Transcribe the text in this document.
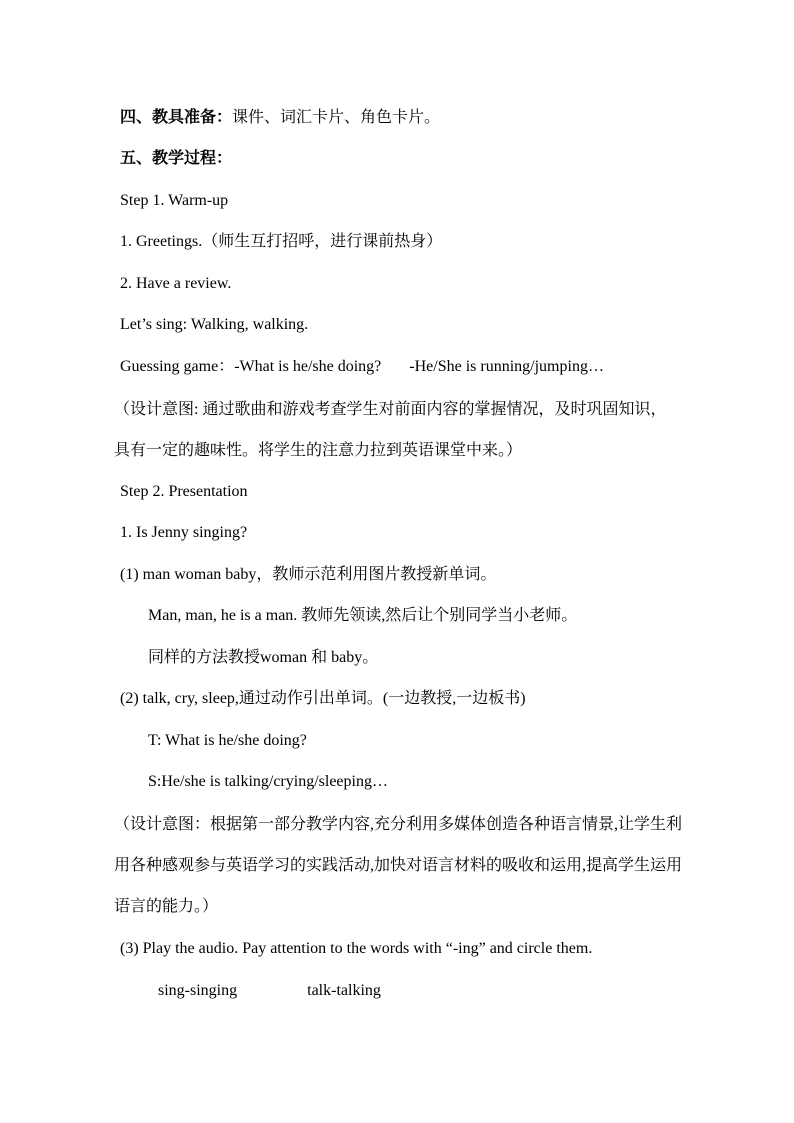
四、教具准备：课件、词汇卡片、角色卡片。
五、教学过程：
Step 1. Warm-up
1. Greetings.（师生互打招呼，进行课前热身）
2. Have a review.
Let’s sing: Walking, walking.
Guessing game：-What is he/she doing? -He/She is running/jumping…
（设计意图: 通过歌曲和游戏考查学生对前面内容的掌握情况，及时巩固知识，具有一定的趣味性。将学生的注意力拉到英语课堂中来。）
Step 2. Presentation
1. Is Jenny singing?
(1) man woman baby，教师示范利用图片教授新单词。
Man, man, he is a man. 教师先领读,然后让个别同学当小老师。
同样的方法教授woman 和 baby。
(2) talk, cry, sleep,通过动作引出单词。(一边教授,一边板书)
T: What is he/she doing?
S:He/she is talking/crying/sleeping…
（设计意图：根据第一部分教学内容,充分利用多媒体创造各种语言情景,让学生利用各种感观参与英语学习的实践活动,加快对语言材料的吸收和运用,提高学生运用语言的能力。）
(3) Play the audio. Pay attention to the words with “-ing” and circle them.
sing-singing	talk-talking
